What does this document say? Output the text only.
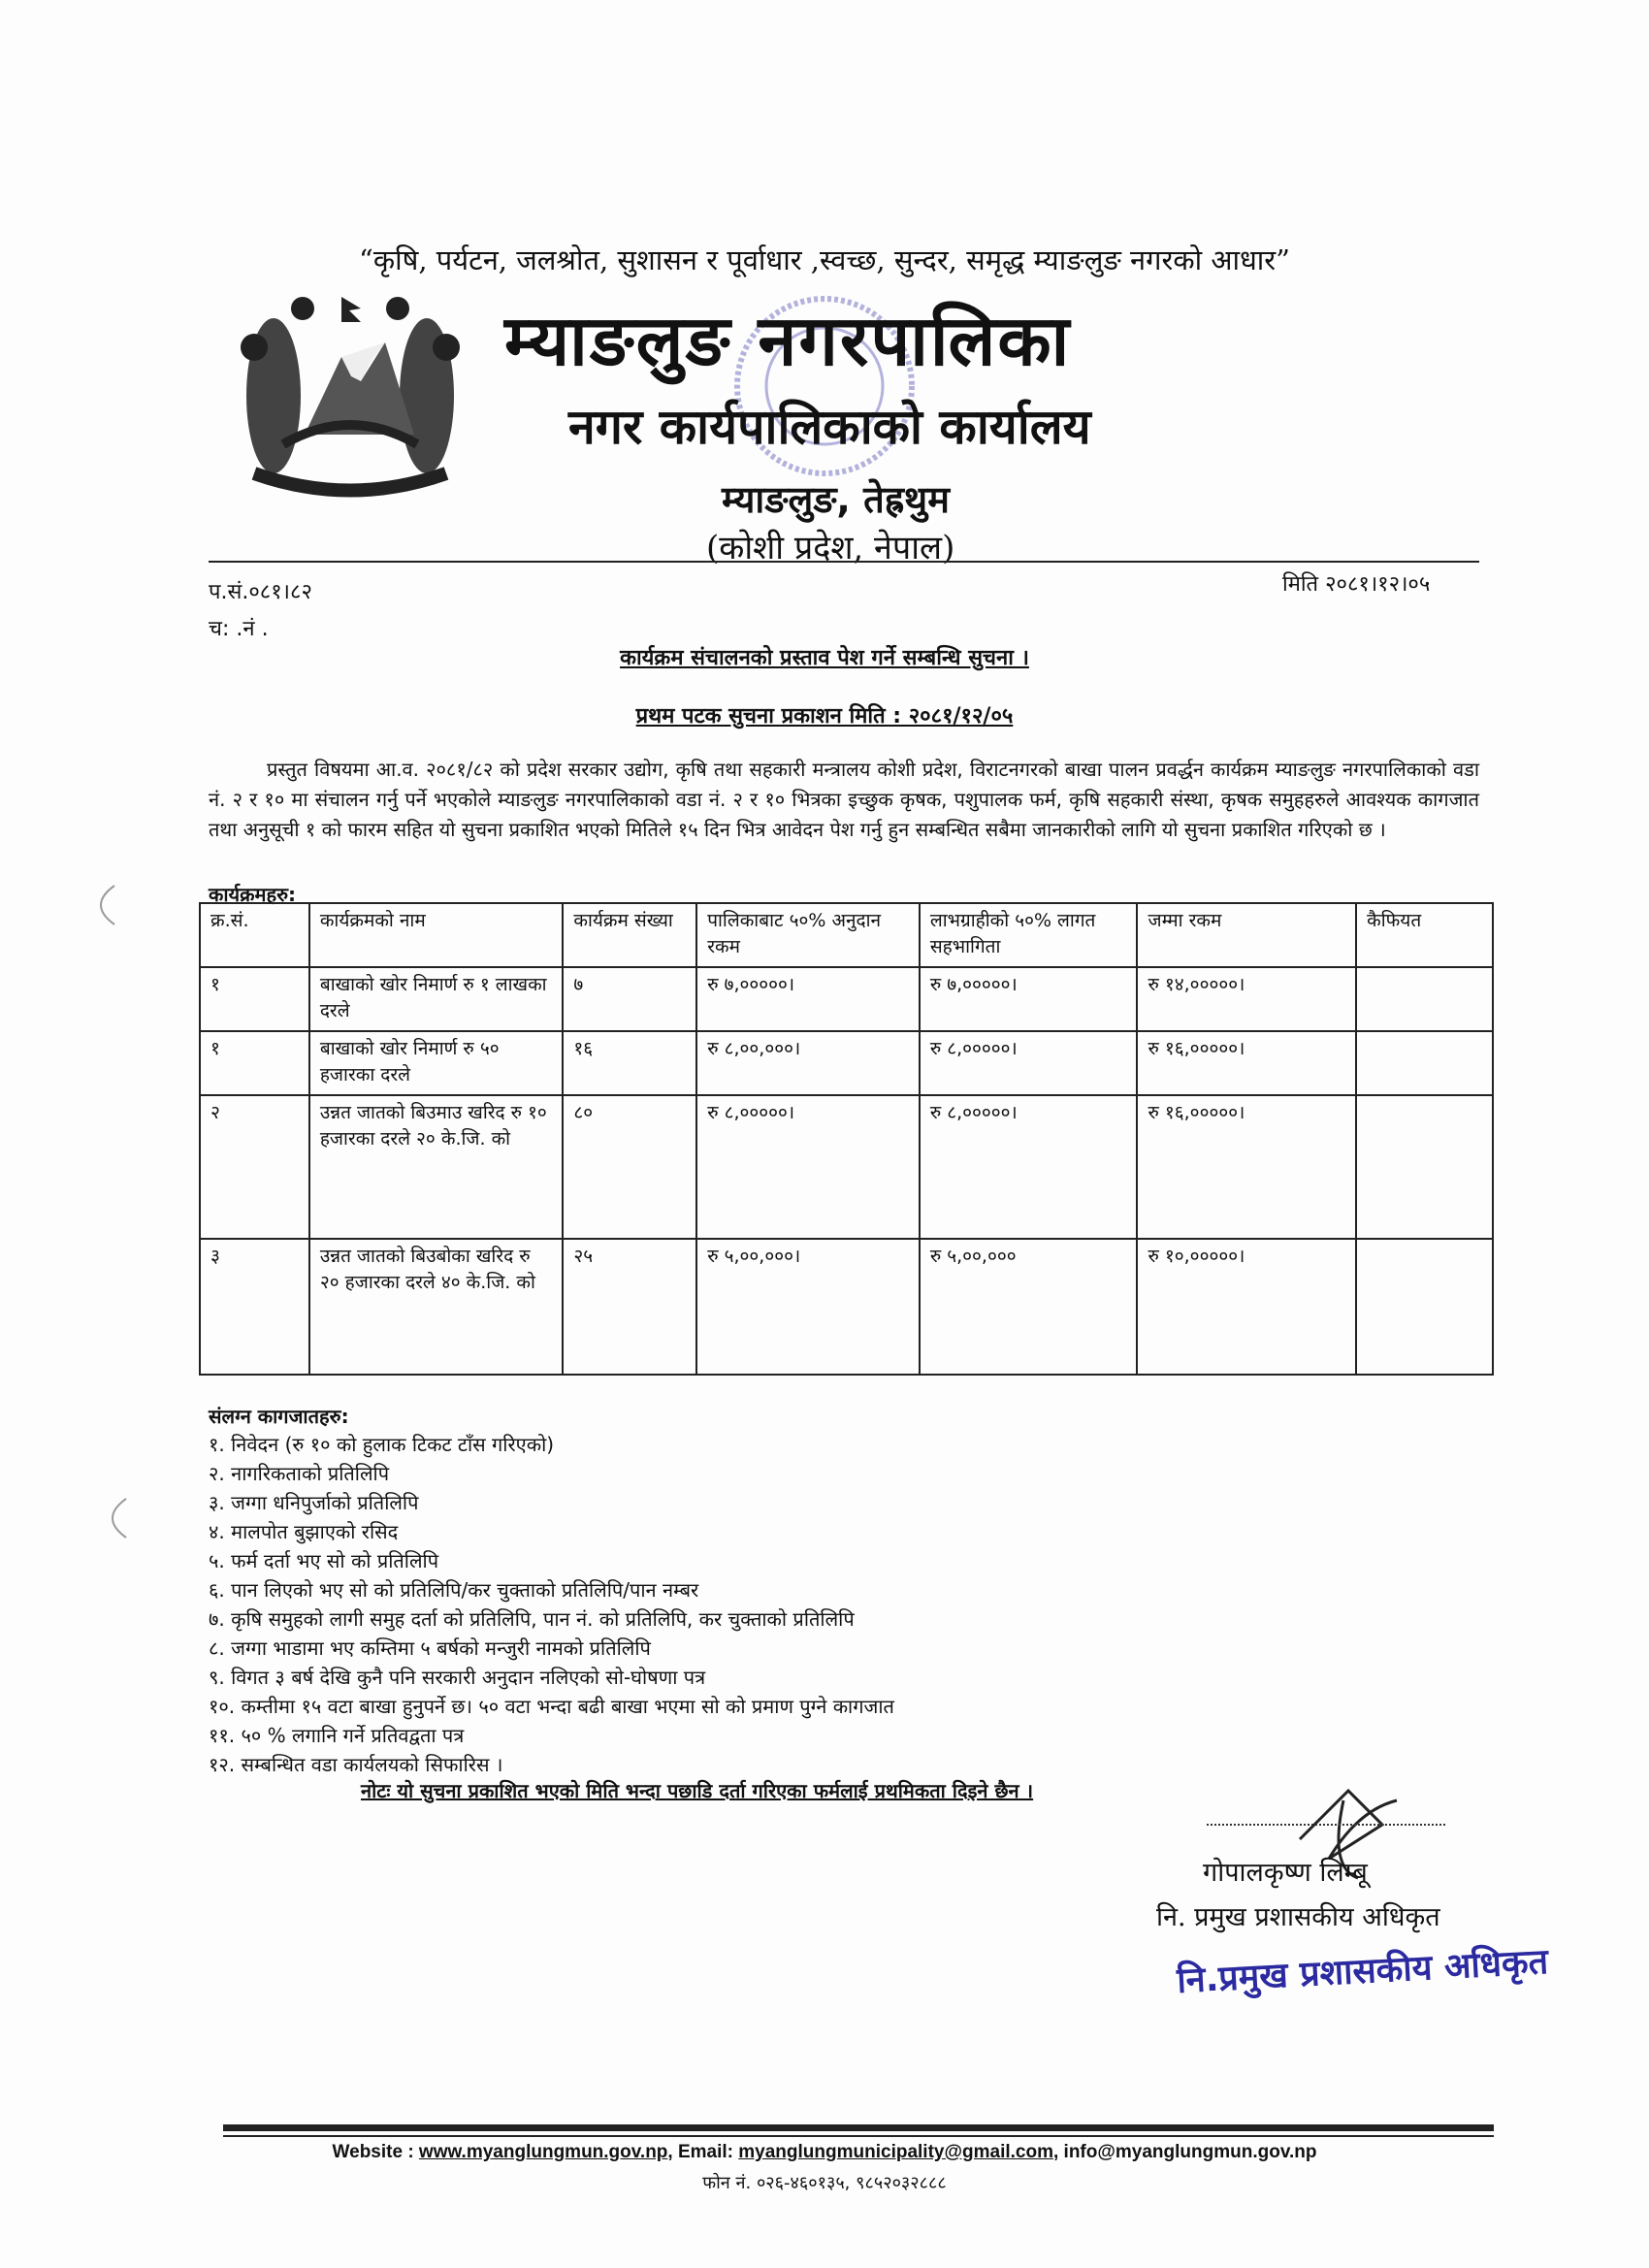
“कृषि, पर्यटन, जलश्रोत, सुशासन र पूर्वाधार ,स्वच्छ, सुन्दर, समृद्ध म्याङलुङ नगरको आधार”
म्याङलुङ नगरपालिका
नगर कार्यपालिकाको कार्यालय
म्याङलुङ, तेह्रथुम
(कोशी प्रदेश, नेपाल)
प.सं.०८१।८२
च: .नं .
मिति २०८१।१२।०५
कार्यक्रम संचालनको प्रस्ताव पेश गर्ने सम्बन्धि सुचना ।
प्रथम पटक सुचना प्रकाशन मिति : २०८१/१२/०५
प्रस्तुत विषयमा आ.व. २०८१/८२ को प्रदेश सरकार उद्योग, कृषि तथा सहकारी मन्त्रालय कोशी प्रदेश, विराटनगरको बाखा पालन प्रवर्द्धन कार्यक्रम म्याङलुङ नगरपालिकाको वडा नं. २ र १० मा संचालन गर्नु पर्ने भएकोले म्याङलुङ नगरपालिकाको वडा नं. २ र १० भित्रका इच्छुक कृषक, पशुपालक फर्म, कृषि सहकारी संस्था, कृषक समुहहरुले आवश्यक कागजात तथा अनुसूची १ को फारम सहित यो सुचना प्रकाशित भएको मितिले १५ दिन भित्र आवेदन पेश गर्नु हुन सम्बन्धित सबैमा जानकारीको लागि यो सुचना प्रकाशित गरिएको छ ।
कार्यक्रमहरु:
क्र.सं.	कार्यक्रमको नाम	कार्यक्रम संख्या	पालिकाबाट ५०% अनुदान रकम	लाभग्राहीको ५०% लागत सहभागिता	जम्मा रकम	कैफियत
१	बाखाको खोर निमार्ण रु १ लाखका दरले	७	रु ७,०००००।	रु ७,०००००।	रु १४,०००००।	
१	बाखाको खोर निमार्ण रु ५० हजारका दरले	१६	रु ८,००,०००।	रु ८,०००००।	रु १६,०००००।	
२	उन्नत जातको बिउमाउ खरिद रु १० हजारका दरले २० के.जि. को	८०	रु ८,०००००।	रु ८,०००००।	रु १६,०००००।	
३	उन्नत जातको बिउबोका खरिद रु २० हजारका दरले ४० के.जि. को	२५	रु ५,००,०००।	रु ५,००,०००	रु १०,०००००।	
संलग्न कागजातहरु:
१. निवेदन (रु १० को हुलाक टिकट टाँस गरिएको)
२. नागरिकताको प्रतिलिपि
३. जग्गा धनिपुर्जाको प्रतिलिपि
४. मालपोत बुझाएको रसिद
५. फर्म दर्ता भए सो को प्रतिलिपि
६. पान लिएको भए सो को प्रतिलिपि/कर चुक्ताको प्रतिलिपि/पान नम्बर
७. कृषि समुहको लागी समुह दर्ता को प्रतिलिपि, पान नं. को प्रतिलिपि, कर चुक्ताको प्रतिलिपि
८. जग्गा भाडामा भए कम्तिमा ५ बर्षको मन्जुरी नामको प्रतिलिपि
९. विगत ३ बर्ष देखि कुनै पनि सरकारी अनुदान नलिएको सो-घोषणा पत्र
१०. कम्तीमा १५ वटा बाखा हुनुपर्ने छ। ५० वटा भन्दा बढी बाखा भएमा सो को प्रमाण पुग्ने कागजात
११. ५० % लगानि गर्ने प्रतिवद्वता पत्र
१२. सम्बन्धित वडा कार्यलयको सिफारिस ।
नोटः यो सुचना प्रकाशित भएको मिति भन्दा पछाडि दर्ता गरिएका फर्मलाई प्रथमिकता दिइने छैन ।
गोपालकृष्ण लिम्बू
नि. प्रमुख प्रशासकीय अधिकृत
नि.प्रमुख प्रशासकीय अधिकृत
Website : www.myanglungmun.gov.np, Email: myanglungmunicipality@gmail.com, info@myanglungmun.gov.np
फोन नं. ०२६-४६०१३५, ९८५२०३२८८८
